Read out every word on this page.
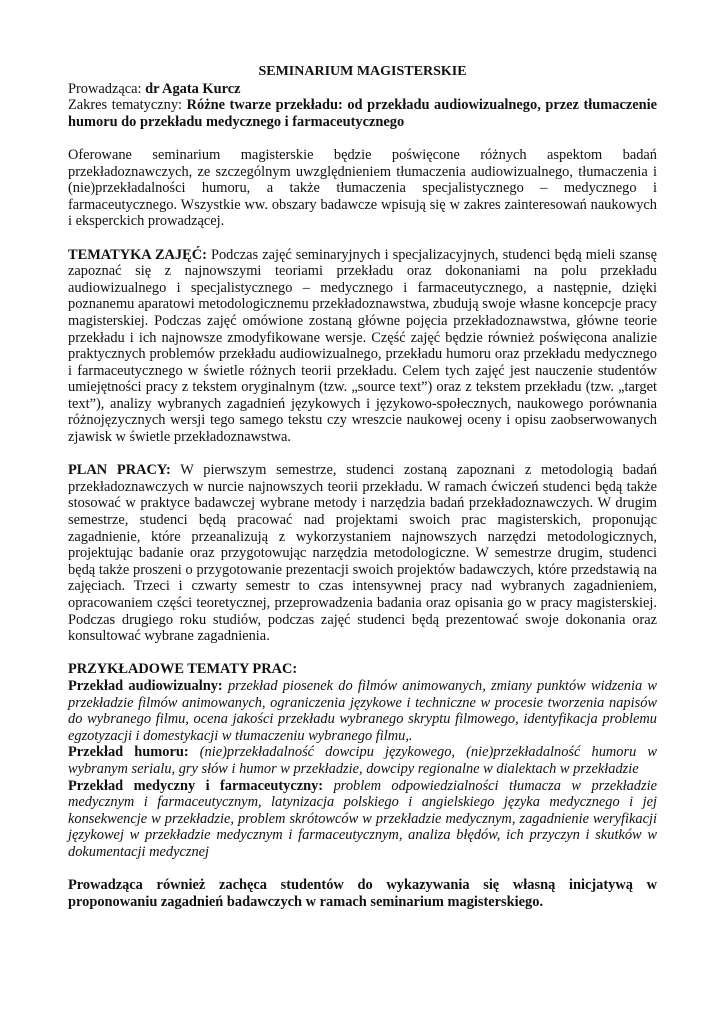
SEMINARIUM MAGISTERSKIE

Prowadząca: dr Agata Kurcz

Zakres tematyczny: Różne twarze przekładu: od przekładu audiowizualnego, przez tłumaczenie humoru do przekładu medycznego i farmaceutycznego

Oferowane seminarium magisterskie będzie poświęcone różnych aspektom badań przekładoznawczych, ze szczególnym uwzględnieniem tłumaczenia audiowizualnego, tłumaczenia i (nie)przekładalności humoru, a także tłumaczenia specjalistycznego – medycznego i farmaceutycznego. Wszystkie ww. obszary badawcze wpisują się w zakres zainteresowań naukowych i eksperckich prowadzącej.

TEMATYKA ZAJĘĆ: Podczas zajęć seminaryjnych i specjalizacyjnych, studenci będą mieli szansę zapoznać się z najnowszymi teoriami przekładu oraz dokonaniami na polu przekładu audiowizualnego i specjalistycznego – medycznego i farmaceutycznego, a następnie, dzięki poznanemu aparatowi metodologicznemu przekładoznawstwa, zbudują swoje własne koncepcje pracy magisterskiej. Podczas zajęć omówione zostaną główne pojęcia przekładoznawstwa, główne teorie przekładu i ich najnowsze zmodyfikowane wersje. Część zajęć będzie również poświęcona analizie praktycznych problemów przekładu audiowizualnego, przekładu humoru oraz przekładu medycznego i farmaceutycznego w świetle różnych teorii przekładu. Celem tych zajęć jest nauczenie studentów umiejętności pracy z tekstem oryginalnym (tzw. „source text”) oraz z tekstem przekładu (tzw. „target text”), analizy wybranych zagadnień językowych i językowo-społecznych, naukowego porównania różnojęzycznych wersji tego samego tekstu czy wreszcie naukowej oceny i opisu zaobserwowanych zjawisk w świetle przekładoznawstwa.

PLAN PRACY: W pierwszym semestrze, studenci zostaną zapoznani z metodologią badań przekładoznawczych w nurcie najnowszych teorii przekładu. W ramach ćwiczeń studenci będą także stosować w praktyce badawczej wybrane metody i narzędzia badań przekładoznawczych. W drugim semestrze, studenci będą pracować nad projektami swoich prac magisterskich, proponując zagadnienie, które przeanalizują z wykorzystaniem najnowszych narzędzi metodologicznych, projektując badanie oraz przygotowując narzędzia metodologiczne. W semestrze drugim, studenci będą także proszeni o przygotowanie prezentacji swoich projektów badawczych, które przedstawią na zajęciach. Trzeci i czwarty semestr to czas intensywnej pracy nad wybranych zagadnieniem, opracowaniem części teoretycznej, przeprowadzenia badania oraz opisania go w pracy magisterskiej. Podczas drugiego roku studiów, podczas zajęć studenci będą prezentować swoje dokonania oraz konsultować wybrane zagadnienia.

PRZYKŁADOWE TEMATY PRAC:

Przekład audiowizualny: przekład piosenek do filmów animowanych, zmiany punktów widzenia w przekładzie filmów animowanych, ograniczenia językowe i techniczne w procesie tworzenia napisów do wybranego filmu, ocena jakości przekładu wybranego skryptu filmowego, identyfikacja problemu egzotyzacji i domestykacji w tłumaczeniu wybranego filmu,.

Przekład humoru: (nie)przekładalność dowcipu językowego, (nie)przekładalność humoru w wybranym serialu, gry słów i humor w przekładzie, dowcipy regionalne w dialektach w przekładzie

Przekład medyczny i farmaceutyczny: problem odpowiedzialności tłumacza w przekładzie medycznym i farmaceutycznym, latynizacja polskiego i angielskiego języka medycznego i jej konsekwencje w przekładzie, problem skrótowców w przekładzie medycznym, zagadnienie weryfikacji językowej w przekładzie medycznym i farmaceutycznym, analiza błędów, ich przyczyn i skutków w dokumentacji medycznej

Prowadząca również zachęca studentów do wykazywania się własną inicjatywą w proponowaniu zagadnień badawczych w ramach seminarium magisterskiego.
